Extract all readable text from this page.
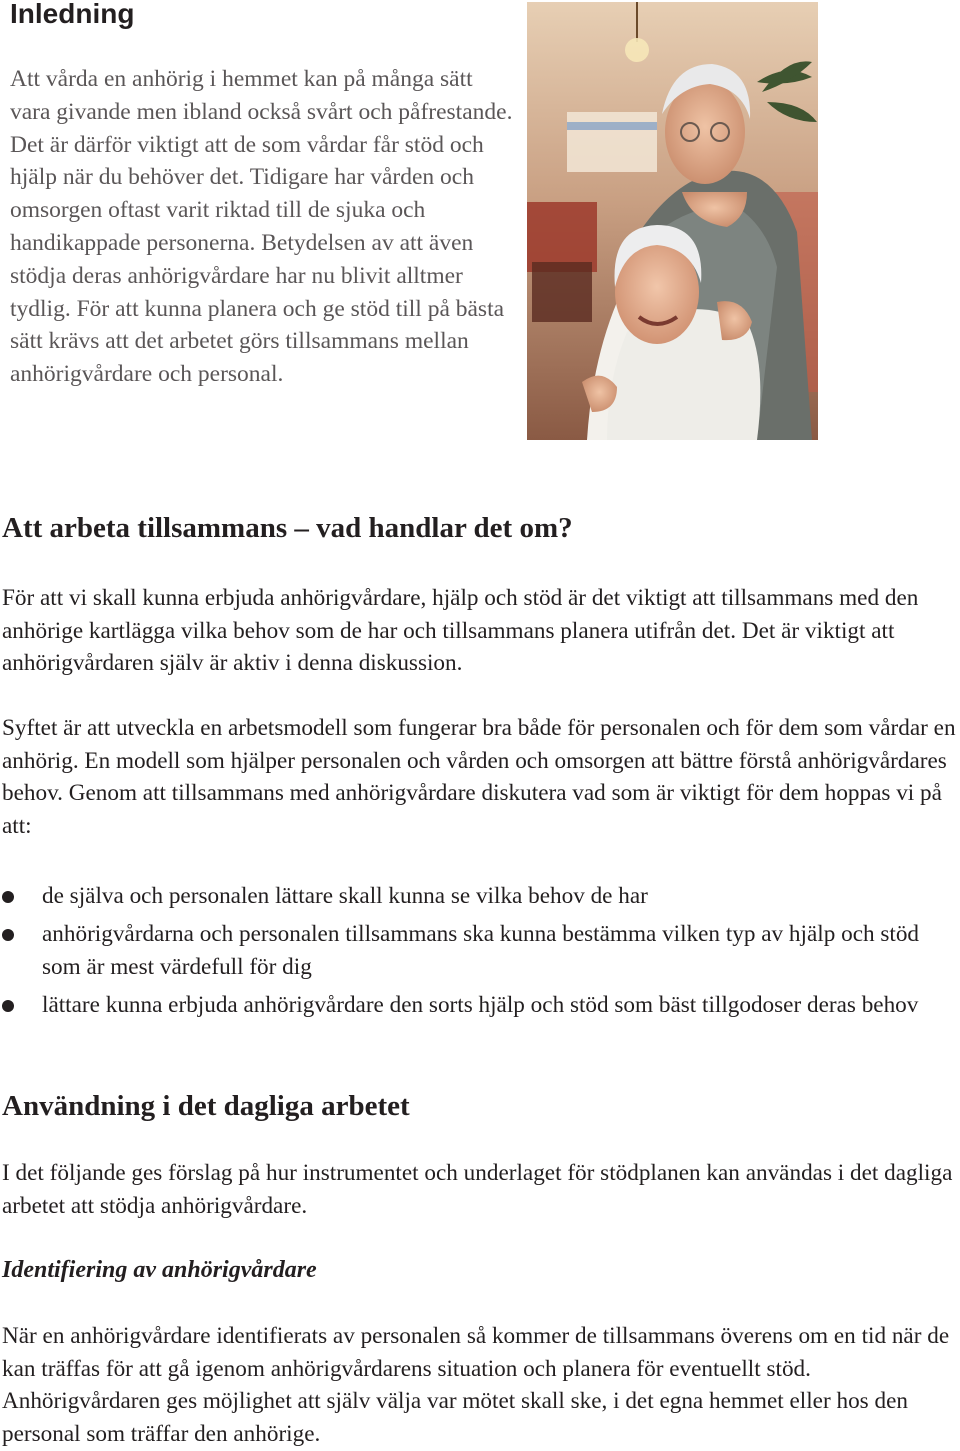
Inledning

Att vårda en anhörig i hemmet kan på många sätt vara givande men ibland också svårt och påfrestande. Det är därför viktigt att de som vårdar får stöd och hjälp när du behöver det. Tidigare har vården och omsorgen oftast varit riktad till de sjuka och handikappade personerna. Betydelsen av att även stödja deras anhörigvårdare har nu blivit alltmer tydlig. För att kunna planera och ge stöd till på bästa sätt krävs att det arbetet görs tillsammans mellan anhörigvårdare och personal.

Att arbeta tillsammans – vad handlar det om?

För att vi skall kunna erbjuda anhörigvårdare, hjälp och stöd är det viktigt att tillsammans med den anhörige kartlägga vilka behov som de har och tillsammans planera utifrån det. Det är viktigt att anhörigvårdaren själv är aktiv i denna diskussion.

Syftet är att utveckla en arbetsmodell som fungerar bra både för personalen och för dem som vårdar en anhörig. En modell som hjälper personalen och vården och omsorgen att bättre förstå anhörigvårdares behov. Genom att tillsammans med anhörigvårdare diskutera vad som är viktigt för dem hoppas vi på att:

de själva och personalen lättare skall kunna se vilka behov de har
anhörigvårdarna och personalen tillsammans ska kunna bestämma vilken typ av hjälp och stöd som är mest värdefull för dig
lättare kunna erbjuda anhörigvårdare den sorts hjälp och stöd som bäst tillgodoser deras behov
Användning i det dagliga arbetet

I det följande ges förslag på hur instrumentet och underlaget för stödplanen kan användas i det dagliga arbetet att stödja anhörigvårdare.

Identifiering av anhörigvårdare

När en anhörigvårdare identifierats av personalen så kommer de tillsammans överens om en tid när de kan träffas för att gå igenom anhörigvårdarens situation och planera för eventuellt stöd. Anhörigvårdaren ges möjlighet att själv välja var mötet skall ske, i det egna hemmet eller hos den personal som träffar den anhörige.
